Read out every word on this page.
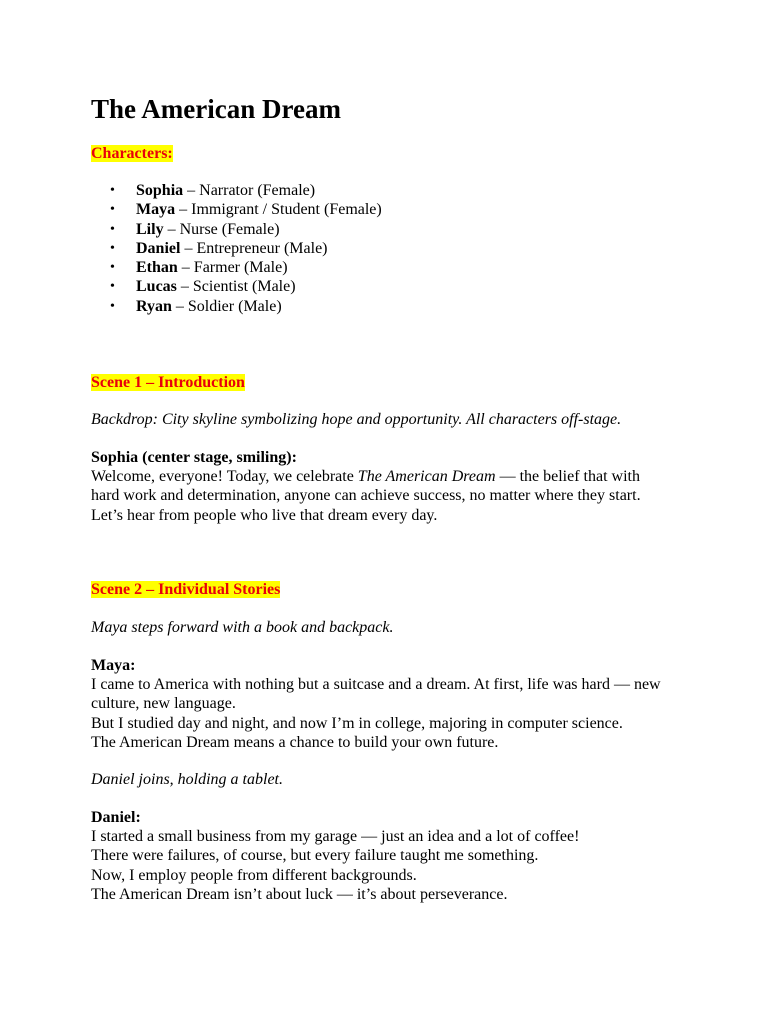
The American Dream

Characters:

• Sophia – Narrator (Female)
• Maya – Immigrant / Student (Female)
• Lily – Nurse (Female)
• Daniel – Entrepreneur (Male)
• Ethan – Farmer (Male)
• Lucas – Scientist (Male)
• Ryan – Soldier (Male)

Scene 1 – Introduction

Backdrop: City skyline symbolizing hope and opportunity. All characters off-stage.

Sophia (center stage, smiling):

Welcome, everyone! Today, we celebrate The American Dream — the belief that with
hard work and determination, anyone can achieve success, no matter where they start.
Let’s hear from people who live that dream every day.

Scene 2 – Individual Stories

Maya steps forward with a book and backpack.

Maya:

I came to America with nothing but a suitcase and a dream. At first, life was hard — new
culture, new language.
But I studied day and night, and now I’m in college, majoring in computer science.
The American Dream means a chance to build your own future.

Daniel joins, holding a tablet.

Daniel:

I started a small business from my garage — just an idea and a lot of coffee!
There were failures, of course, but every failure taught me something.
Now, I employ people from different backgrounds.
The American Dream isn’t about luck — it’s about perseverance.
